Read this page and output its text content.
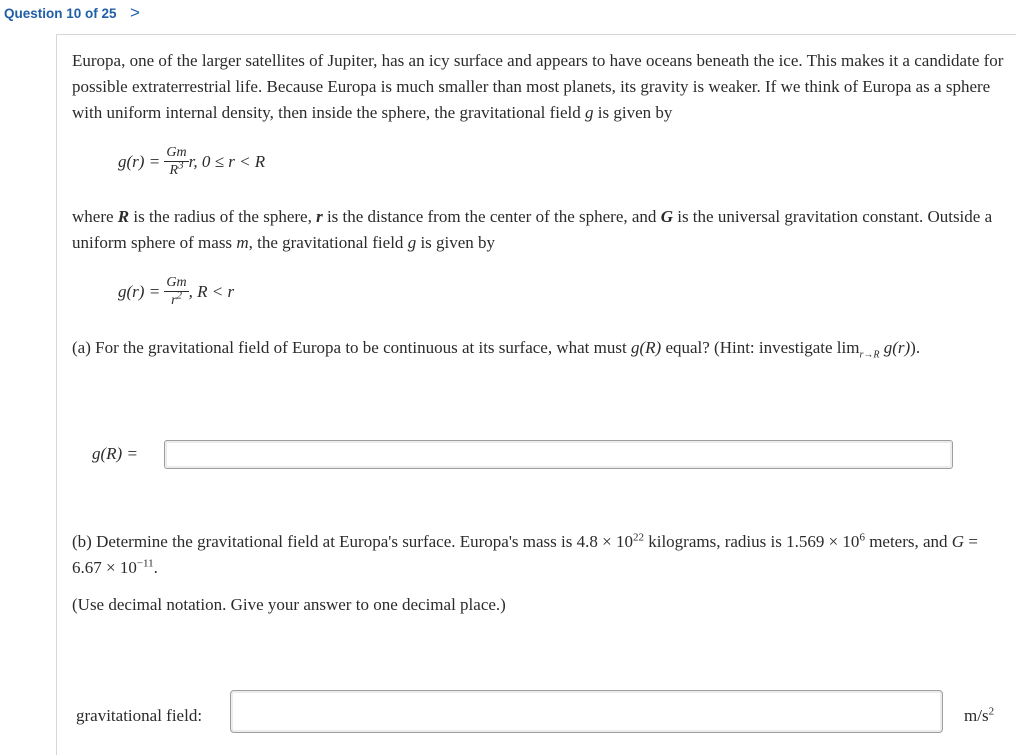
Question 10 of 25 >
Europa, one of the larger satellites of Jupiter, has an icy surface and appears to have oceans beneath the ice. This makes it a candidate for possible extraterrestrial life. Because Europa is much smaller than most planets, its gravity is weaker. If we think of Europa as a sphere with uniform internal density, then inside the sphere, the gravitational field g is given by
$g(r) = \frac{Gm}{R^3} r$, 0 ≤ r < R
where R is the radius of the sphere, r is the distance from the center of the sphere, and G is the universal gravitation constant. Outside a uniform sphere of mass m, the gravitational field g is given by
$g(r) = \frac{Gm}{r^2}$ , R < r
(a) For the gravitational field of Europa to be continuous at its surface, what must g(R) equal? (Hint: investigate $\lim_{r\to R} g(r)$).
g(R) =
(b) Determine the gravitational field at Europa's surface. Europa's mass is $4.8 \times 10^{22}$ kilograms, radius is $1.569 \times 10^6$ meters, and $G = 6.67 \times 10^{-11}$.
(Use decimal notation. Give your answer to one decimal place.)
gravitational field:	$m/s^2$
